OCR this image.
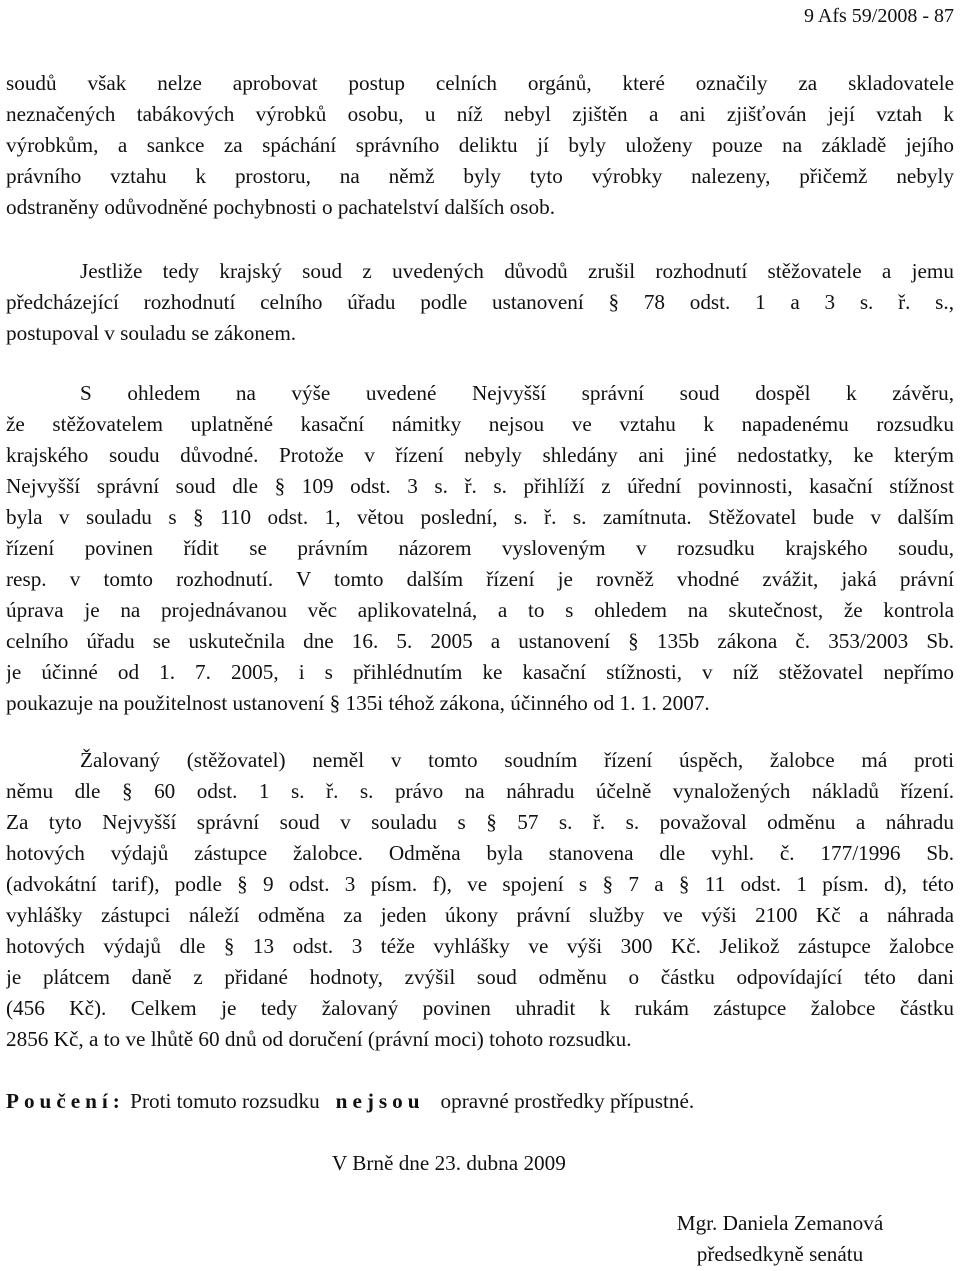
9 Afs 59/2008 - 87
soudů však nelze aprobovat postup celních orgánů, které označily za skladovatele
neznačených tabákových výrobků osobu, u níž nebyl zjištěn a ani zjišťován její vztah k
výrobkům, a sankce za spáchání správního deliktu jí byly uloženy pouze na základě jejího
právního vztahu k prostoru, na němž byly tyto výrobky nalezeny, přičemž nebyly
odstraněny odůvodněné pochybnosti o pachatelství dalších osob.
Jestliže tedy krajský soud z uvedených důvodů zrušil rozhodnutí stěžovatele a jemu
předcházející rozhodnutí celního úřadu podle ustanovení § 78 odst. 1 a 3 s. ř. s.,
postupoval v souladu se zákonem.
S ohledem na výše uvedené Nejvyšší správní soud dospěl k závěru,
že stěžovatelem uplatněné kasační námitky nejsou ve vztahu k napadenému rozsudku
krajského soudu důvodné. Protože v řízení nebyly shledány ani jiné nedostatky, ke kterým
Nejvyšší správní soud dle § 109 odst. 3 s. ř. s. přihlíží z úřední povinnosti, kasační stížnost
byla v souladu s § 110 odst. 1, větou poslední, s. ř. s. zamítnuta. Stěžovatel bude v dalším
řízení povinen řídit se právním názorem vysloveným v rozsudku krajského soudu,
resp. v tomto rozhodnutí. V tomto dalším řízení je rovněž vhodné zvážit, jaká právní
úprava je na projednávanou věc aplikovatelná, a to s ohledem na skutečnost, že kontrola
celního úřadu se uskutečnila dne 16. 5. 2005 a ustanovení § 135b zákona č. 353/2003 Sb.
je účinné od 1. 7. 2005, i s přihlédnutím ke kasační stížnosti, v níž stěžovatel nepřímo
poukazuje na použitelnost ustanovení § 135i téhož zákona, účinného od 1. 1. 2007.
Žalovaný (stěžovatel) neměl v tomto soudním řízení úspěch, žalobce má proti
němu dle § 60 odst. 1 s. ř. s. právo na náhradu účelně vynaložených nákladů řízení.
Za tyto Nejvyšší správní soud v souladu s § 57 s. ř. s. považoval odměnu a náhradu
hotových výdajů zástupce žalobce. Odměna byla stanovena dle vyhl. č. 177/1996 Sb.
(advokátní tarif), podle § 9 odst. 3 písm. f), ve spojení s § 7 a § 11 odst. 1 písm. d), této
vyhlášky zástupci náleží odměna za jeden úkony právní služby ve výši 2100 Kč a náhrada
hotových výdajů dle § 13 odst. 3 téže vyhlášky ve výši 300 Kč. Jelikož zástupce žalobce
je plátcem daně z přidané hodnoty, zvýšil soud odměnu o částku odpovídající této dani
(456 Kč). Celkem je tedy žalovaný povinen uhradit k rukám zástupce žalobce částku
2856 Kč, a to ve lhůtě 60 dnů od doručení (právní moci) tohoto rozsudku.
Poučení: Proti tomuto rozsudku nejsou opravné prostředky přípustné.
V Brně dne 23. dubna 2009
Mgr. Daniela Zemanová
předsedkyně senátu
